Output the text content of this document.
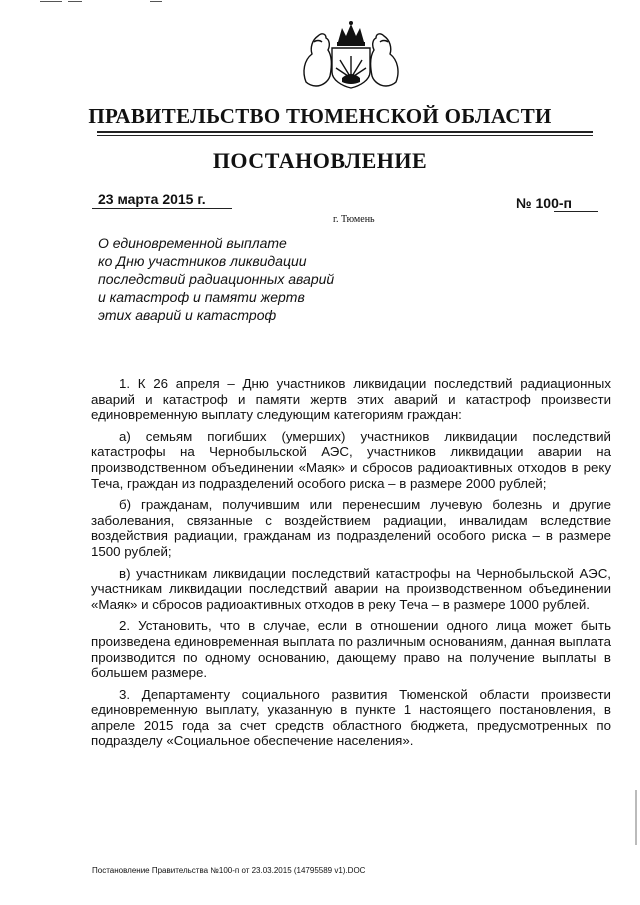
ПРАВИТЕЛЬСТВО ТЮМЕНСКОЙ ОБЛАСТИ
ПОСТАНОВЛЕНИЕ
23 марта 2015 г.	№ 100-п
г. Тюмень
О единовременной выплате
ко Дню участников ликвидации
последствий радиационных аварий
и катастроф и памяти жертв
этих аварий и катастроф

1. К 26 апреля – Дню участников ликвидации последствий радиационных аварий и катастроф и памяти жертв этих аварий и катастроф произвести единовременную выплату следующим категориям граждан:

а) семьям погибших (умерших) участников ликвидации последствий катастрофы на Чернобыльской АЭС, участников ликвидации аварии на производственном объединении «Маяк» и сбросов радиоактивных отходов в реку Теча, граждан из подразделений особого риска – в размере 2000 рублей;

б) гражданам, получившим или перенесшим лучевую болезнь и другие заболевания, связанные с воздействием радиации, инвалидам вследствие воздействия радиации, гражданам из подразделений особого риска – в размере 1500 рублей;

в) участникам ликвидации последствий катастрофы на Чернобыльской АЭС, участникам ликвидации последствий аварии на производственном объединении «Маяк» и сбросов радиоактивных отходов в реку Теча – в размере 1000 рублей.

2. Установить, что в случае, если в отношении одного лица может быть произведена единовременная выплата по различным основаниям, данная выплата производится по одному основанию, дающему право на получение выплаты в большем размере.

3. Департаменту социального развития Тюменской области произвести единовременную выплату, указанную в пункте 1 настоящего постановления, в апреле 2015 года за счет средств областного бюджета, предусмотренных по подразделу «Социальное обеспечение населения».

Постановление Правительства №100-п от 23.03.2015 (14795589 v1).DOC
